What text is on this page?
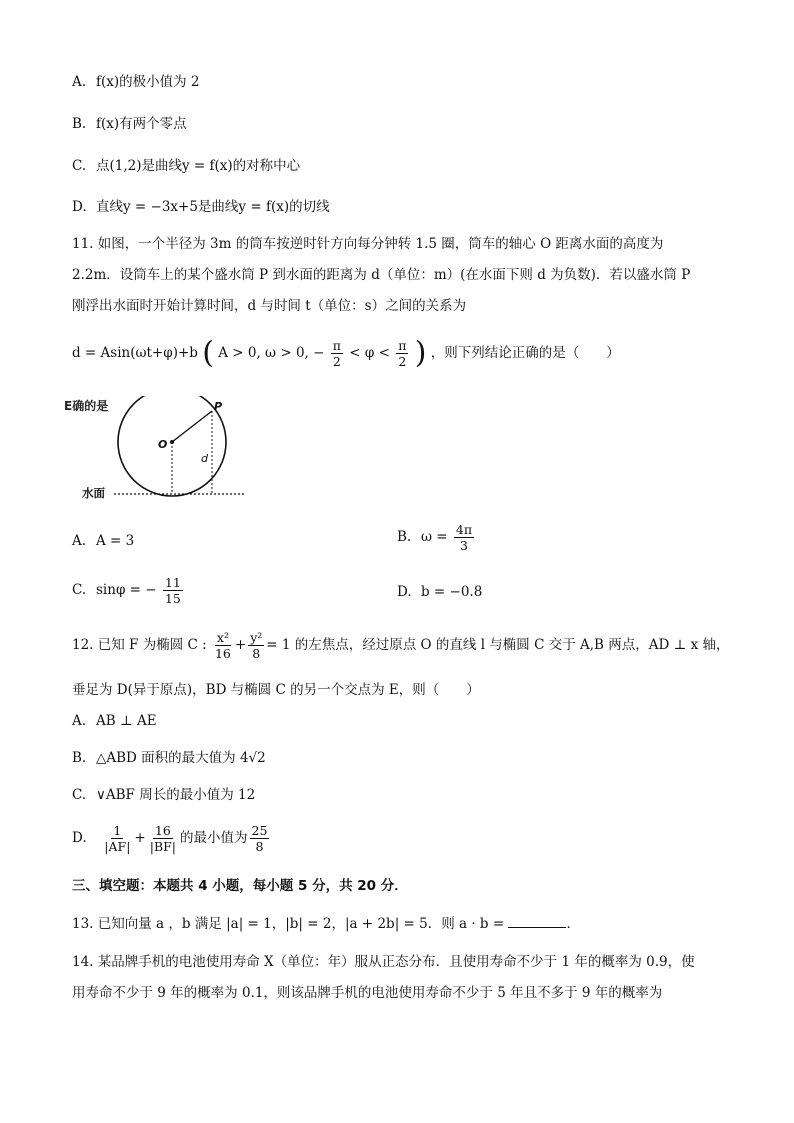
A. f(x)的极小值为 2
B. f(x)有两个零点
C. 点(1,2)是曲线y = f(x)的对称中心
D. 直线y = −3x+5是曲线y = f(x)的切线
11. 如图，一个半径为 3m 的筒车按逆时针方向每分钟转 1.5 圈，筒车的轴心 O 距离水面的高度为
2.2m．设筒车上的某个盛水筒 P 到水面的距离为 d（单位：m）(在水面下则 d 为负数)．若以盛水筒 P
刚浮出水面时开始计算时间，d 与时间 t（单位：s）之间的关系为
d = Asin(ωt+φ)+b ( A > 0, ω > 0, − $\frac{\pi}{2} < \varphi < \frac{\pi}{2}$ ) ，则下列结论正确的是（　　）
E确的是
O
P
d
水面
A. A = 3	B. $\omega = \frac{4\pi}{3}$
C. sinφ = − $\frac{11}{15}$	D. b = −0.8
12. 已知 F 为椭圆 C : $\frac{\text{x²}}{16} + \frac{\text{y²}}{8} = 1$ 的左焦点，经过原点 O 的直线 l 与椭圆 C 交于 A,B 两点，AD ⊥ x 轴，
垂足为 D(异于原点)，BD 与椭圆 C 的另一个交点为 E，则（　　）
A. AB ⊥ AE
B. △ABD 面积的最大值为 4√2
C. ∨ABF 周长的最小值为 12
D. $\frac{1}{|AF|} + \frac{16}{|BF|}$ 的最小值为 $\frac{25}{8}$
三、填空题：本题共 4 小题，每小题 5 分，共 20 分．
13. 已知向量 a ，b 满足 |a| = 1，|b| = 2，|a + 2b| = 5．则 a · b =	．
14. 某品牌手机的电池使用寿命 X（单位：年）服从正态分布．且使用寿命不少于 1 年的概率为 0.9，使
用寿命不少于 9 年的概率为 0.1，则该品牌手机的电池使用寿命不少于 5 年且不多于 9 年的概率为
